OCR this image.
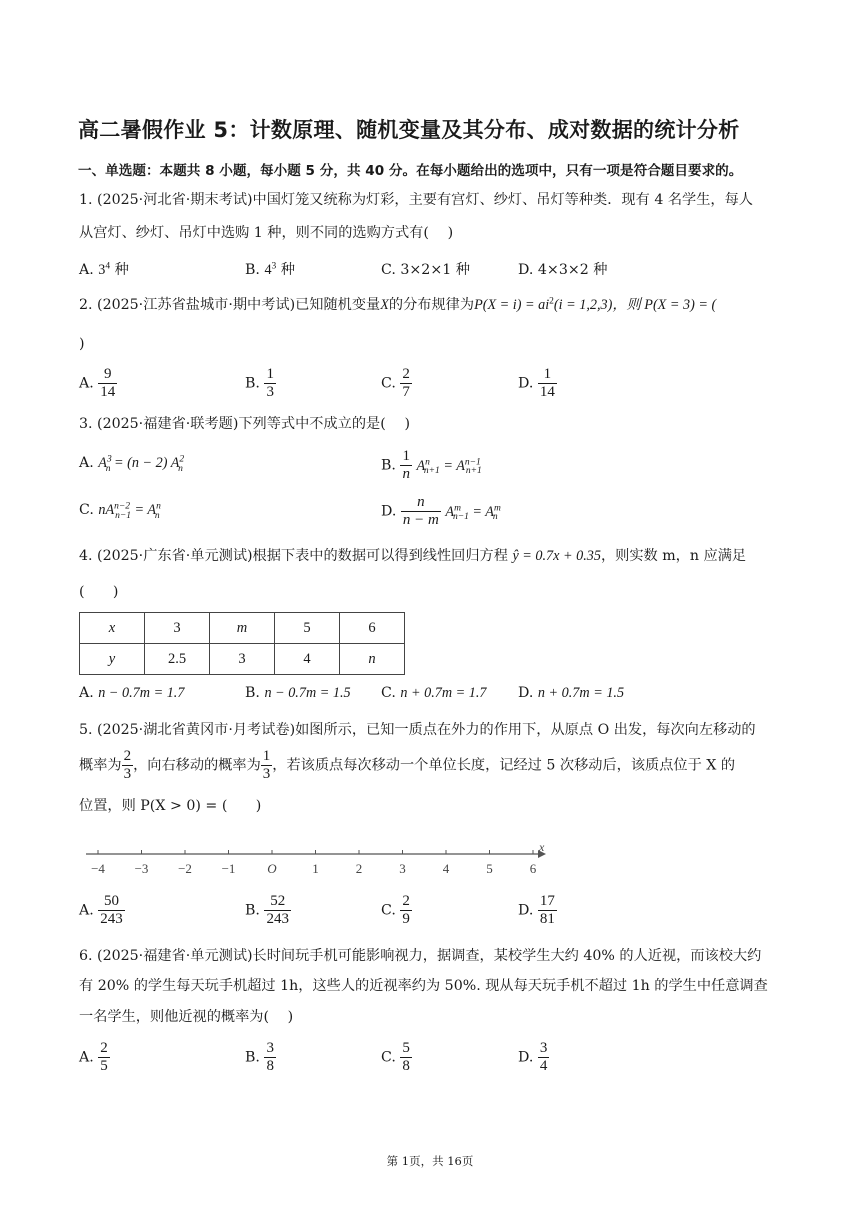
高二暑假作业 5：计数原理、随机变量及其分布、成对数据的统计分析
一、单选题：本题共 8 小题，每小题 5 分，共 40 分。在每小题给出的选项中，只有一项是符合题目要求的。
1. (2025·河北省·期末考试)中国灯笼又统称为灯彩，主要有宫灯、纱灯、吊灯等种类．现有 4 名学生，每人
从宫灯、纱灯、吊灯中选购 1 种，则不同的选购方式有(　 )
A. $3^4$ 种	B. $4^3$ 种	C. 3×2×1 种	D. 4×3×2 种
2. (2025·江苏省盐城市·期中考试)已知随机变量X的分布规律为$P(X = i) = ai^2(i = 1,2,3)$，则 P(X = 3) = (
)
A. $\frac{9}{14}$	B. $\frac{1}{3}$	C. $\frac{2}{7}$	D. $\frac{1}{14}$
3. (2025·福建省·联考题)下列等式中不成立的是(　 )
A. $A^3_n = (n - 2)$ $A^2_n$	B. $\frac{1}{n} A^n_{n+1} = A^{n-1}_{n+1}$
C. $nA^{n-2}_{n-1} = A^n_n$	D. $\frac{n}{n - m} A^m_{n-1} = A^m_n$
4. (2025·广东省·单元测试)根据下表中的数据可以得到线性回归方程 ŷ = 0.7x + 0.35，则实数 m，n 应满足
(　　)
x	3	m	5	6
y	2.5	3	4	n
A. n − 0.7m = 1.7	B. n − 0.7m = 1.5 C. n + 0.7m = 1.7 D. n + 0.7m = 1.5
5. (2025·湖北省黄冈市·月考试卷)如图所示，已知一质点在外力的作用下，从原点 O 出发，每次向左移动的
概率为 $\frac{2}{3}$ ，向右移动的概率为 $\frac{1}{3}$ ，若该质点每次移动一个单位长度，记经过 5 次移动后，该质点位于 X 的
位置，则 P(X > 0) = (　　)
x
−4 −3 −2 −1 O	1	2	3	4	5	6
A. $\frac{50}{243}$	B. $\frac{52}{243}$	C. $\frac{2}{9}$	D. $\frac{17}{81}$
6. (2025·福建省·单元测试)长时间玩手机可能影响视力，据调查，某校学生大约 40% 的人近视，而该校大约
有 20% 的学生每天玩手机超过 1h，这些人的近视率约为 50%. 现从每天玩手机不超过 1h 的学生中任意调查
一名学生，则他近视的概率为(　 )
A. $\frac{2}{5}$	B. $\frac{3}{8}$	C. $\frac{5}{8}$	D. $\frac{3}{4}$
第 1页，共 16页
